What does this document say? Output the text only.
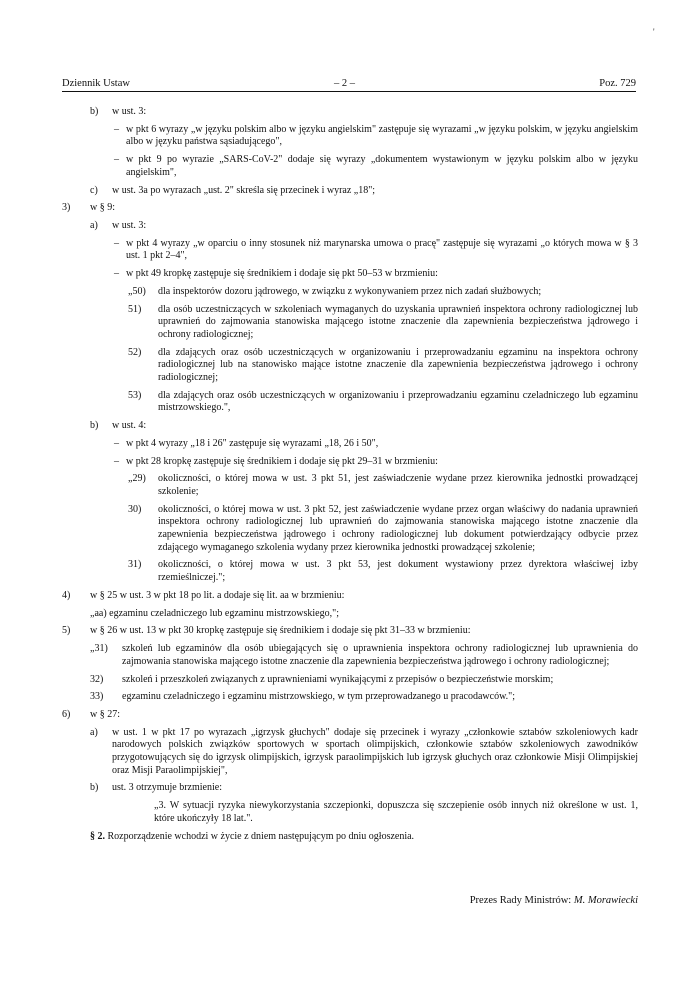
'
Dziennik Ustaw	– 2 –	Poz. 729
b) w ust. 3:
– w pkt 6 wyrazy „w języku polskim albo w języku angielskim" zastępuje się wyrazami „w języku polskim, w języku angielskim albo w języku państwa sąsiadującego",
– w pkt 9 po wyrazie „SARS-CoV-2" dodaje się wyrazy „dokumentem wystawionym w języku polskim albo w języku angielskim",
c) w ust. 3a po wyrazach „ust. 2" skreśla się przecinek i wyraz „18";
3) w § 9:
a) w ust. 3:
– w pkt 4 wyrazy „w oparciu o inny stosunek niż marynarska umowa o pracę" zastępuje się wyrazami „o których mowa w § 3 ust. 1 pkt 2–4",
– w pkt 49 kropkę zastępuje się średnikiem i dodaje się pkt 50–53 w brzmieniu:
„50) dla inspektorów dozoru jądrowego, w związku z wykonywaniem przez nich zadań służbowych;
51) dla osób uczestniczących w szkoleniach wymaganych do uzyskania uprawnień inspektora ochrony radiologicznej lub uprawnień do zajmowania stanowiska mającego istotne znaczenie dla zapewnienia bezpieczeństwa jądrowego i ochrony radiologicznej;
52) dla zdających oraz osób uczestniczących w organizowaniu i przeprowadzaniu egzaminu na inspektora ochrony radiologicznej lub na stanowisko mające istotne znaczenie dla zapewnienia bezpieczeństwa jądrowego i ochrony radiologicznej;
53) dla zdających oraz osób uczestniczących w organizowaniu i przeprowadzaniu egzaminu czeladniczego lub egzaminu mistrzowskiego.",
b) w ust. 4:
– w pkt 4 wyrazy „18 i 26" zastępuje się wyrazami „18, 26 i 50",
– w pkt 28 kropkę zastępuje się średnikiem i dodaje się pkt 29–31 w brzmieniu:
„29) okoliczności, o której mowa w ust. 3 pkt 51, jest zaświadczenie wydane przez kierownika jednostki prowadzącej szkolenie;
30) okoliczności, o której mowa w ust. 3 pkt 52, jest zaświadczenie wydane przez organ właściwy do nadania uprawnień inspektora ochrony radiologicznej lub uprawnień do zajmowania stanowiska mającego istotne znaczenie dla zapewnienia bezpieczeństwa jądrowego i ochrony radiologicznej lub dokument potwierdzający odbycie przez zdającego wymaganego szkolenia wydany przez kierownika jednostki prowadzącej szkolenie;
31) okoliczności, o której mowa w ust. 3 pkt 53, jest dokument wystawiony przez dyrektora właściwej izby rzemieślniczej.";
4) w § 25 w ust. 3 w pkt 18 po lit. a dodaje się lit. aa w brzmieniu:
„aa) egzaminu czeladniczego lub egzaminu mistrzowskiego,";
5) w § 26 w ust. 13 w pkt 30 kropkę zastępuje się średnikiem i dodaje się pkt 31–33 w brzmieniu:
„31) szkoleń lub egzaminów dla osób ubiegających się o uprawnienia inspektora ochrony radiologicznej lub uprawnienia do zajmowania stanowiska mającego istotne znaczenie dla zapewnienia bezpieczeństwa jądrowego i ochrony radiologicznej;
32) szkoleń i przeszkoleń związanych z uprawnieniami wynikającymi z przepisów o bezpieczeństwie morskim;
33) egzaminu czeladniczego i egzaminu mistrzowskiego, w tym przeprowadzanego u pracodawców.";
6) w § 27:
a) w ust. 1 w pkt 17 po wyrazach „igrzysk głuchych" dodaje się przecinek i wyrazy „członkowie sztabów szkoleniowych kadr narodowych polskich związków sportowych w sportach olimpijskich, członkowie sztabów szkoleniowych zawodników przygotowujących się do igrzysk olimpijskich, igrzysk paraolimpijskich lub igrzysk głuchych oraz członkowie Misji Olimpijskiej oraz Misji Paraolimpijskiej",
b) ust. 3 otrzymuje brzmienie:
„3. W sytuacji ryzyka niewykorzystania szczepionki, dopuszcza się szczepienie osób innych niż określone w ust. 1, które ukończyły 18 lat.".
§ 2. Rozporządzenie wchodzi w życie z dniem następującym po dniu ogłoszenia.
Prezes Rady Ministrów: M. Morawiecki
